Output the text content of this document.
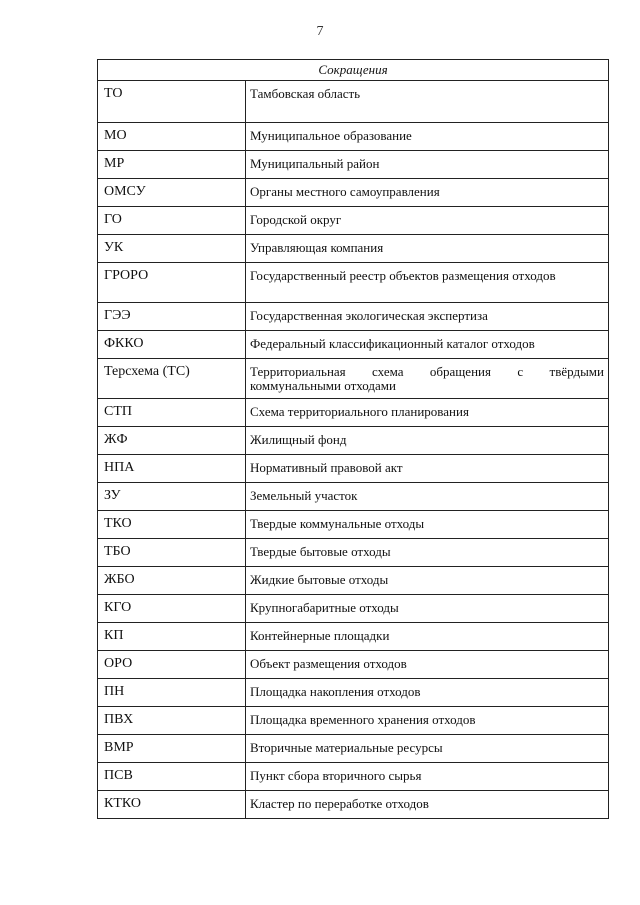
7
Сокращения	
ТО	Тамбовская область
МО	Муниципальное образование
МР	Муниципальный район
ОМСУ	Органы местного самоуправления
ГО	Городской округ
УК	Управляющая компания
ГРОРО	Государственный реестр объектов размещения отходов
ГЭЭ	Государственная экологическая экспертиза
ФККО	Федеральный классификационный каталог отходов
Терсхема (ТС)	Территориальная схема обращения с твёрдыми коммунальными отходами
СТП	Схема территориального планирования
ЖФ	Жилищный фонд
НПА	Нормативный правовой акт
ЗУ	Земельный участок
ТКО	Твердые коммунальные отходы
ТБО	Твердые бытовые отходы
ЖБО	Жидкие бытовые отходы
КГО	Крупногабаритные отходы
КП	Контейнерные площадки
ОРО	Объект размещения отходов
ПН	Площадка накопления отходов
ПВХ	Площадка временного хранения отходов
ВМР	Вторичные материальные ресурсы
ПСВ	Пункт сбора вторичного сырья
КТКО	Кластер по переработке отходов
